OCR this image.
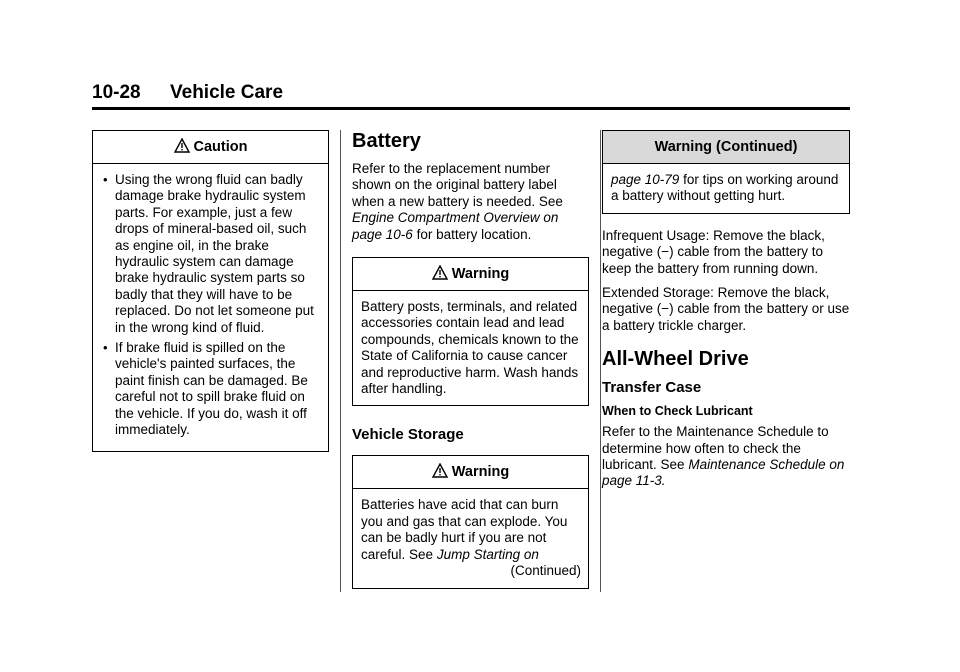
10-28	Vehicle Care
Caution
• Using the wrong fluid can badly damage brake hydraulic system parts. For example, just a few drops of mineral-based oil, such as engine oil, in the brake hydraulic system can damage brake hydraulic system parts so badly that they will have to be replaced. Do not let someone put in the wrong kind of fluid.
• If brake fluid is spilled on the vehicle's painted surfaces, the paint finish can be damaged. Be careful not to spill brake fluid on the vehicle. If you do, wash it off immediately.
Battery

Refer to the replacement number shown on the original battery label when a new battery is needed. See Engine Compartment Overview on page 10-6 for battery location.

Warning
Battery posts, terminals, and related accessories contain lead and lead compounds, chemicals known to the State of California to cause cancer and reproductive harm. Wash hands after handling.
Vehicle Storage
Warning
Batteries have acid that can burn you and gas that can explode. You can be badly hurt if you are not careful. See Jump Starting on
(Continued)
Warning (Continued)
page 10-79 for tips on working around a battery without getting hurt.

Infrequent Usage: Remove the black, negative (−) cable from the battery to keep the battery from running down.

Extended Storage: Remove the black, negative (−) cable from the battery or use a battery trickle charger.

All-Wheel Drive
Transfer Case
When to Check Lubricant

Refer to the Maintenance Schedule to determine how often to check the lubricant. See Maintenance Schedule on page 11-3.
